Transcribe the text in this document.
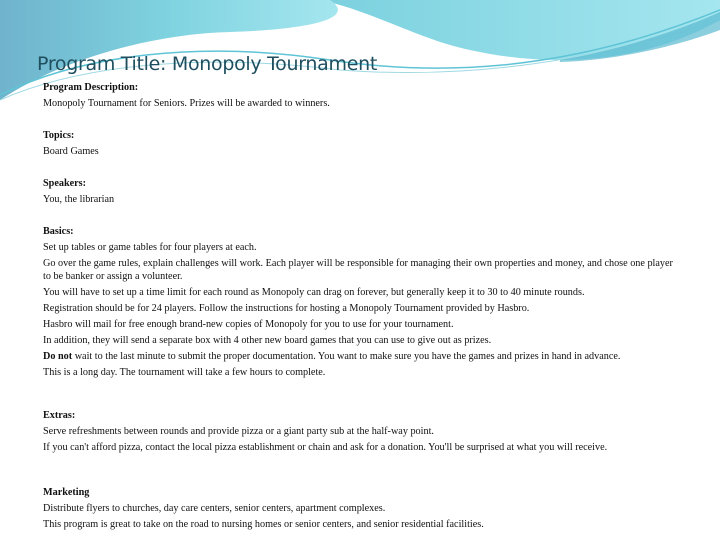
Program Title: Monopoly Tournament
Program Description:
Monopoly Tournament for Seniors. Prizes will be awarded to winners.
Topics:
Board Games
Speakers:
You, the librarian
Basics:
Set up tables or game tables for four players at each.
Go over the game rules, explain challenges will work. Each player will be responsible for managing their own properties and money, and chose one player to be banker or assign a volunteer.
You will have to set up a time limit for each round as Monopoly can drag on forever, but generally keep it to 30 to 40 minute rounds.
Registration should be for 24 players. Follow the instructions for hosting a Monopoly Tournament provided by Hasbro.
Hasbro will mail for free enough brand-new copies of Monopoly for you to use for your tournament.
In addition, they will send a separate box with 4 other new board games that you can use to give out as prizes.
Do not wait to the last minute to submit the proper documentation. You want to make sure you have the games and prizes in hand in advance.
This is a long day. The tournament will take a few hours to complete.
Extras:
Serve refreshments between rounds and provide pizza or a giant party sub at the half-way point.
If you can't afford pizza, contact the local pizza establishment or chain and ask for a donation. You'll be surprised at what you will receive.
Marketing
Distribute flyers to churches, day care centers, senior centers, apartment complexes.
This program is great to take on the road to nursing homes or senior centers, and senior residential facilities.
